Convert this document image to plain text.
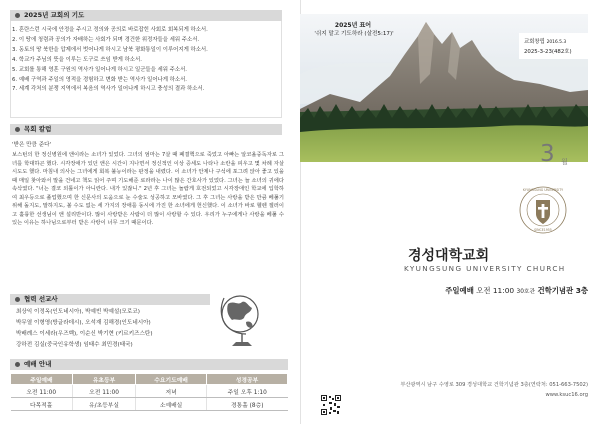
2025년 교회의 기도
1. 혼란스런 시국에 안정을 주시고 정의와 공의로 바로잡힌 사회로 회복되게 하소서.
2. 이 땅에 청렴과 공의가 자배하는 사회가 되며 경건한 위정자들을 세워 주소서.
3. 동토의 땅 북한을 압제에서 벗어나게 하시고 남북 평화통일이 이루어지게 하소서.
4. 학교가 주님의 뜻을 이루는 도구로 쓰임 받게 하소서.
5. 교회를 통해 영혼 구원의 역사가 일어나게 하시고 일군들을 세워 주소서.
6. 예배 구역과 주일의 영적을 경험하고 변화 받는 역사가 일어나게 하소서.
7. 세계 각처의 분쟁 지역에서 복음의 역사가 일어나게 하시고 충성의 결과 하소서.
목회 칼럼
'받은 만큼 준다'
보스턴의 한 정신병원에 앤이라는 소녀가 있었다. 그녀의 엄마는 7살 때 폐결핵으로 죽었고 아빠는 알코올중독자로 그녀를 학대하곤 했다. 시각장애가 있던 앤은 시간이 지나면서 정신적인 이상 증세도 나타나 소란을 피우고 몇 차례 자살 시도도 했다. 마침내 의사는 그녀에게 회복 불능이라는 판정을 내렸다. 이 소녀가 안제나 구석에 포그려 앉아 좋고 있을 때 매일 찾아와서 말을 건네고 책도 읽어 주며 기도해준 로라라는 나이 많은 간호사가 있었다. 그녀는 늘 소녀의 귀에다 속삭였다. "너는 결코 외톨이가 아니란다. 내가 있잖니." 2년 후 그녀는 놀랍게 호전되었고 시각장애인 학교에 입학하여 최우등으로 졸업했으며 한 신문사의 도움으로 눈 수술도 성공하고 모바였다. 그 후 그녀는 사랑을 받은 만큼 베풀기 위해 돌지도, 말하지도, 볼 수도 없는 세 가지의 장애를 동시에 가진 한 소녀에게 헌신했다. 이 소녀가 바로 헬렌 켈러이고 훌륭한 선생님이 앤 설리반이다. 많이 사랑받은 사람이 더 많이 사랑할 수 있다. 우리가 누구에게나 사랑을 베풀 수 있는 이유는 하나님으로부터 받은 사랑이 너무 크기 때문이다.
협력 선교사
최상익 이정옥(인도네시아), 박예빈 박예설(모로코)
박무열 이형영(방글라데시), 오석재 김해경(인도네시아)
박배례스 이세라(우즈벡), 이순신 박기현 (키르키즈스탄)
강하전 김실(중국인유학생) 임태수 최민경(태국)
예배 안내
주일예배	유초등부	수요기도예배	성경공부
오전 11:00	오전 11:00	저녁	주일 오후 1:10
다목적홀	유/초등부실	소예배실	경통홀 (8층)
2025년 표어
'쉬지 말고 기도하라 (살전5:17)'
교회창립 2016.5.3
2025-3-23(482호)
3 월
KYUNGSUNG UNIVERSITY
SINCE1955
경성대학교회
KYUNGSUNG UNIVERSITY CHURCH
주일예배 오전 11:00 30호관 건학기념관 3층
부산광역시 남구 수영로 309 경성대학교 건학기념관 3층(연락처: 051-663-7502)
www.ksuc16.org
